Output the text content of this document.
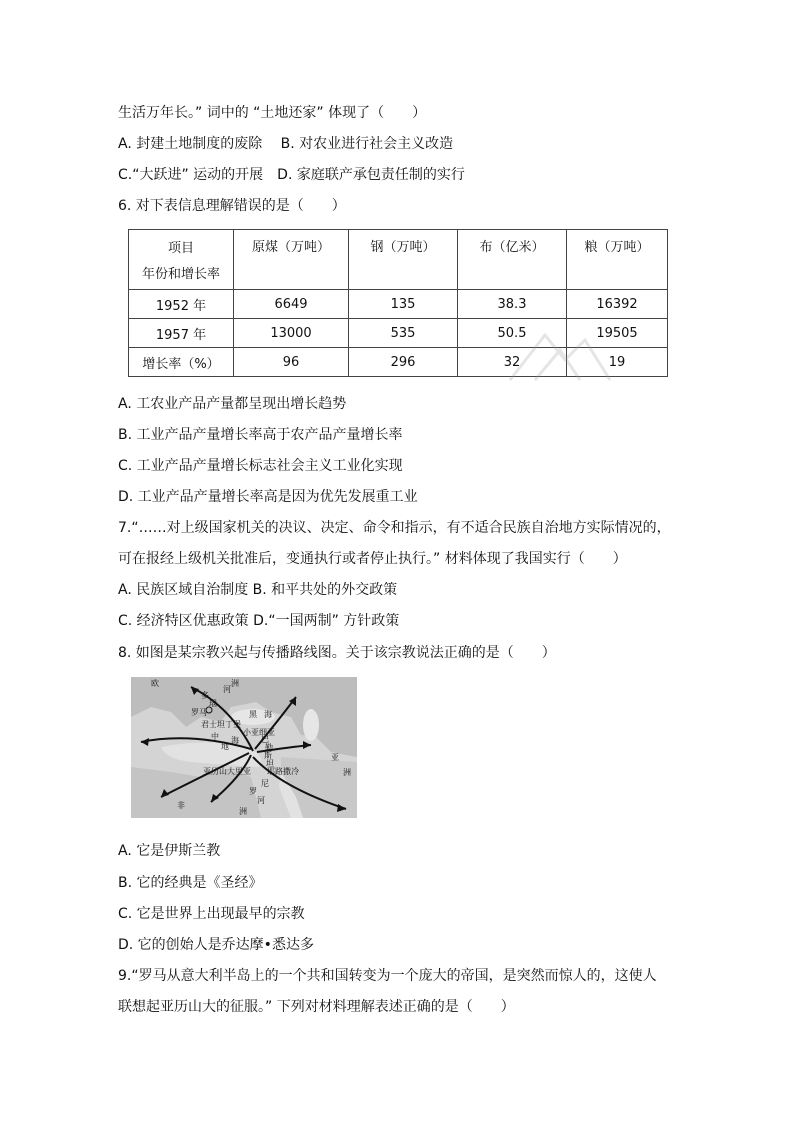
生活万年长。” 词中的 “土地还家” 体现了（　　）
A. 封建土地制度的废除　 B. 对农业进行社会主义改造
C.“大跃进” 运动的开展　D. 家庭联产承包责任制的实行
6. 对下表信息理解错误的是（　　）
项目
年份和增长率	原煤（万吨）	钢（万吨）	布（亿米）	粮（万吨）
1952 年	6649	135	38.3	16392
1957 年	13000	535	50.5	19505
增长率（%）	96	296	32	19
A. 工农业产品产量都呈现出增长趋势
B. 工业产品产量增长率高于农产品产量增长率
C. 工业产品产量增长标志社会主义工业化实现
D. 工业产品产量增长率高是因为优先发展重工业
7.“……对上级国家机关的决议、决定、命令和指示，有不适合民族自治地方实际情况的，
可在报经上级机关批准后，变通执行或者停止执行。” 材料体现了我国实行（　　）
A. 民族区域自治制度 B. 和平共处的外交政策
C. 经济特区优惠政策 D.“一国两制” 方针政策
8. 如图是某宗教兴起与传播路线图。关于该宗教说法正确的是（　　）
欧	洲
多
瑙
河
罗马	黑 海
君士坦丁堡
小亚细亚
巴
勒
斯
坦
中 海
地
耶路撒冷
亚历山大里亚
尼
罗
河
亚
洲
非
洲
A. 它是伊斯兰教
B. 它的经典是《圣经》
C. 它是世界上出现最早的宗教
D. 它的创始人是乔达摩•悉达多
9.“罗马从意大利半岛上的一个共和国转变为一个庞大的帝国，是突然而惊人的，这使人
联想起亚历山大的征服。” 下列对材料理解表述正确的是（　　）
